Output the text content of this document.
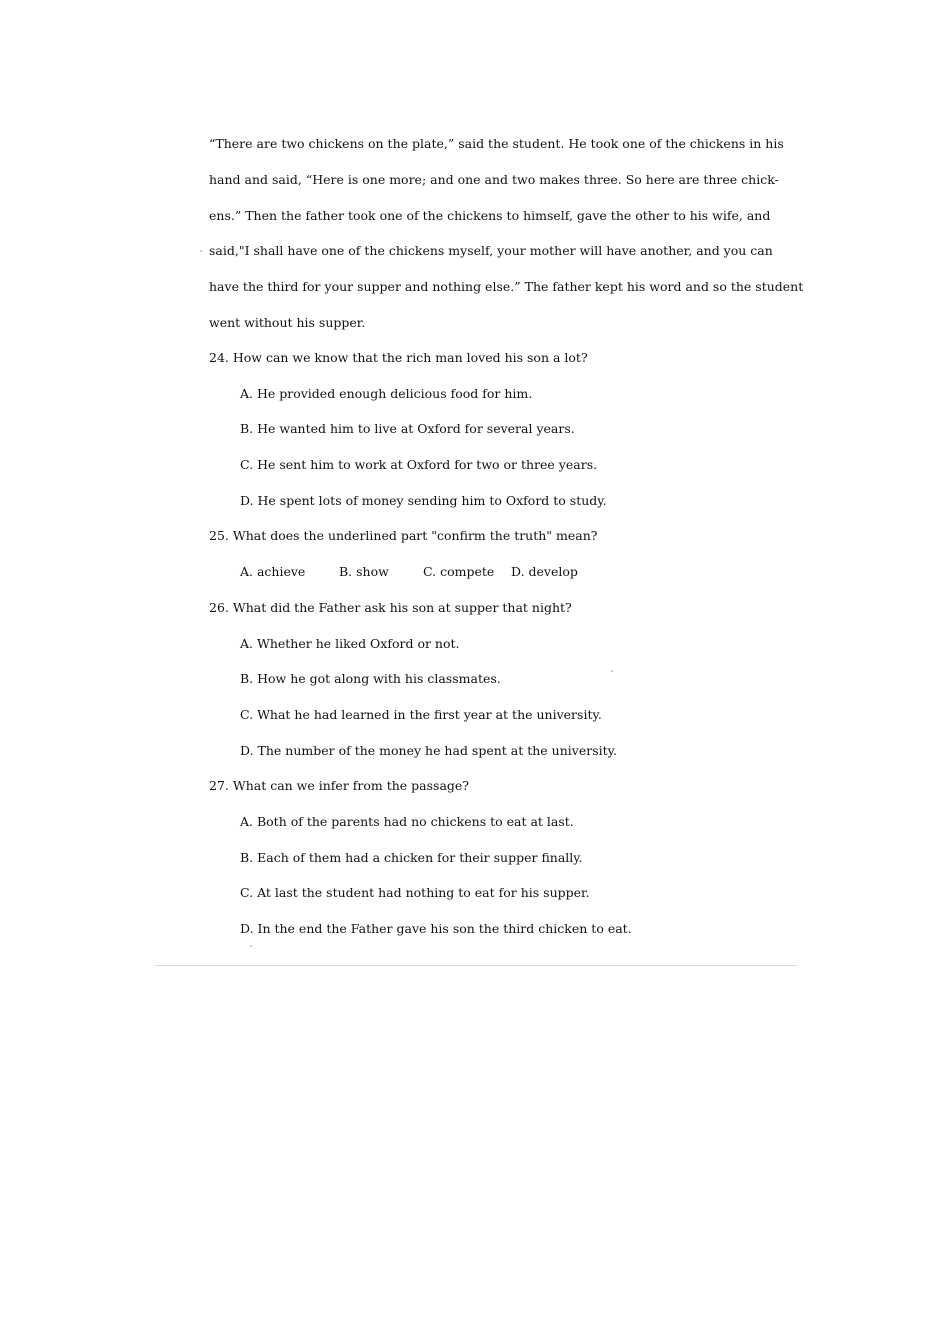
“There are two chickens on the plate,” said the student. He took one of the chickens in his
hand and said, “Here is one more; and one and two makes three. So here are three chick-
ens.” Then the father took one of the chickens to himself, gave the other to his wife, and
said,"I shall have one of the chickens myself, your mother will have another, and you can
have the third for your supper and nothing else.” The father kept his word and so the student
went without his supper.
24. How can we know that the rich man loved his son a lot?
A. He provided enough delicious food for him.
B. He wanted him to live at Oxford for several years.
C. He sent him to work at Oxford for two or three years.
D. He spent lots of money sending him to Oxford to study.
25. What does the underlined part "confirm the truth" mean?
A. achieve	B. show	C. compete	D. develop
26. What did the Father ask his son at supper that night?
A. Whether he liked Oxford or not.
B. How he got along with his classmates.
C. What he had learned in the first year at the university.
D. The number of the money he had spent at the university.
27. What can we infer from the passage?
A. Both of the parents had no chickens to eat at last.
B. Each of them had a chicken for their supper finally.
C. At last the student had nothing to eat for his supper.
D. In the end the Father gave his son the third chicken to eat.
